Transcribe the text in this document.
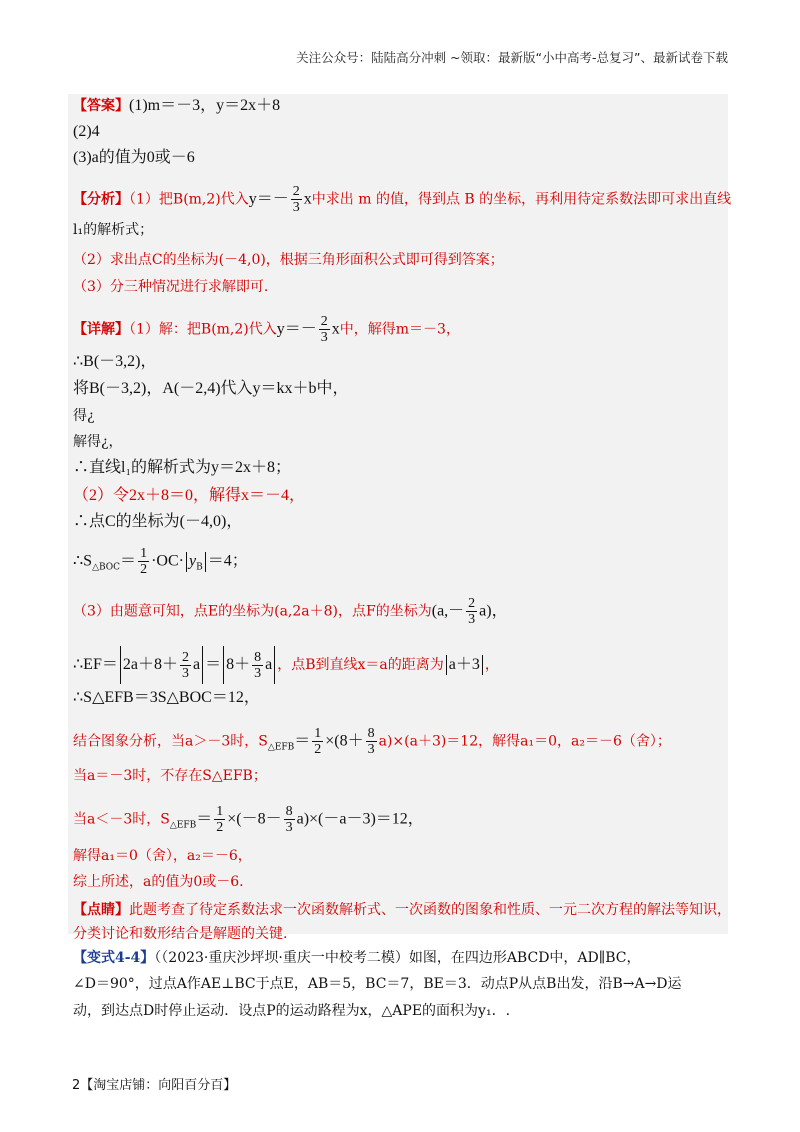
关注公众号：陆陆高分冲刺 ~领取：最新版“小中高考-总复习”、最新试卷下载
【答案】(1)m＝－3，y＝2x＋8
(2)4
(3)a的值为0或－6
【分析】（1）把B(m,2)代入$y=- \frac{2}{3}$ x中求出 m 的值，得到点 B 的坐标，再利用待定系数法即可求出直线
l₁的解析式；
（2）求出点C的坐标为(－4,0)，根据三角形面积公式即可得到答案；
（3）分三种情况进行求解即可.
【详解】（1）解：把B(m,2)代入$y=- \frac{2}{3}$ x中，解得m＝－3，
∴B(－3,2)，
将B(－3,2)，A(－2,4)代入y＝kx＋b中，
得¿
解得¿，
∴直线l₁的解析式为y＝2x＋8；
（2）令2x＋8＝0，解得x＝－4，
∴点C的坐标为(－4,0)，
$\therefore S_{\triangle BOC}= \frac{1}{2} \cdot OC\cdot y_B =4$；
（3）由题意可知，点E的坐标为(a,2a＋8)，点F的坐标为$(a,- \frac{2}{3} a)$，
∴EF＝ $2a+8+ \frac{2}{3}$ $a = 8+ \frac{8}{3}$ a ，点B到直线x＝a的距离为 a＋3 ，
∴S△EFB＝3S△BOC＝12，
结合图象分析，当a＞－3时，$S_{\triangle EFB}= \frac{1}{2} \times(8+ \frac{8}{3} a)\times(a+3)=12$，解得a₁＝0，a₂＝－6（舍）；
当a＝－3时，不存在S△EFB；
当a＜－3时，$S_{\triangle EFB}= \frac{1}{2} \times(-8- \frac{8}{3} a)\times(-a-3)=12$，
解得a₁＝0（舍），a₂＝－6，
综上所述，a的值为0或－6.
【点睛】此题考查了待定系数法求一次函数解析式、一次函数的图象和性质、一元二次方程的解法等知识，
分类讨论和数形结合是解题的关键.
【变式4-4】（（2023·重庆沙坪坝·重庆一中校考二模）如图，在四边形ABCD中，AD∥BC，
∠D＝90°，过点A作AE⊥BC于点E，AB＝5，BC＝7，BE＝3．动点P从点B出发，沿B→A→D运
动，到达点D时停止运动．设点P的运动路程为x，△APE的面积为y₁．.
2【淘宝店铺：向阳百分百】
